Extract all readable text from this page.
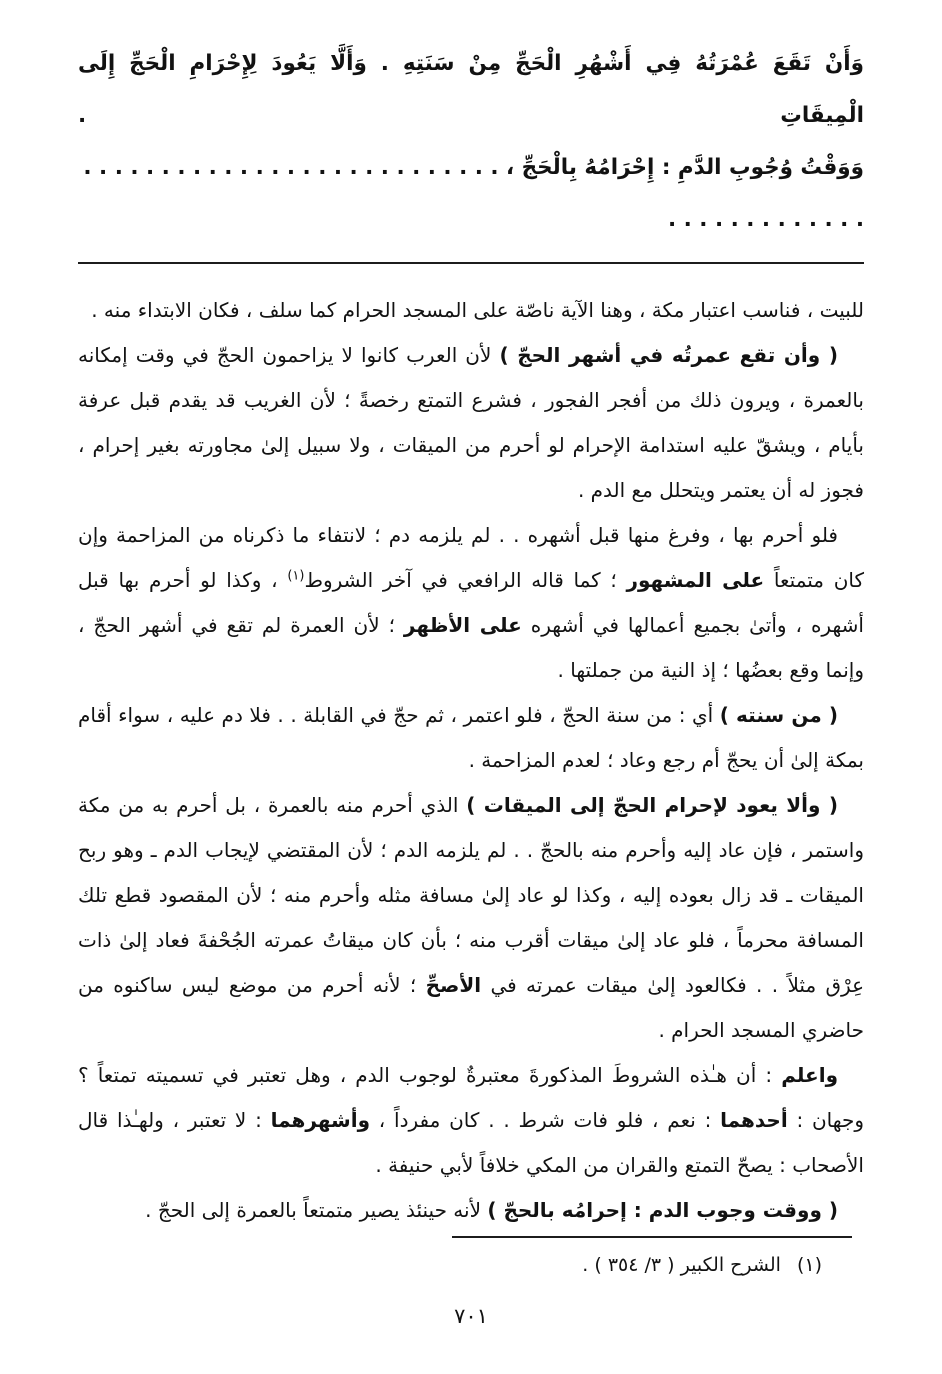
وَأَنْ تَقَعَ عُمْرَتُهُ فِي أَشْهُرِ الْحَجِّ مِنْ سَنَتِهِ . وَأَلَّا يَعُودَ لِإِحْرَامِ الْحَجِّ إِلَى الْمِيقَاتِ .

وَوَقْتُ وُجُوبِ الدَّمِ : إِحْرَامُهُ بِالْحَجِّ ، . . . . . . . . . . . . . . . . . . . . . . . . . . . . . . . . . . . . . . . .

للبيت ، فناسب اعتبار مكة ، وهنا الآية ناصّة على المسجد الحرام كما سلف ، فكان الابتداء منه .

( وأن تقع عمرتُه في أشهر الحجّ ) لأن العرب كانوا لا يزاحمون الحجّ في وقت إمكانه بالعمرة ، ويرون ذلك من أفجر الفجور ، فشرع التمتع رخصةً ؛ لأن الغريب قد يقدم قبل عرفة بأيام ، ويشقّ عليه استدامة الإحرام لو أحرم من الميقات ، ولا سبيل إلىٰ مجاورته بغير إحرام ، فجوز له أن يعتمر ويتحلل مع الدم .

فلو أحرم بها ، وفرغ منها قبل أشهره . . لم يلزمه دم ؛ لانتفاء ما ذكرناه من المزاحمة وإن كان متمتعاً على المشهور ؛ كما قاله الرافعي في آخر الشروط$^{(١)}$ ، وكذا لو أحرم بها قبل أشهره ، وأتىٰ بجميع أعمالها في أشهره على الأظهر ؛ لأن العمرة لم تقع في أشهر الحجّ ، وإنما وقع بعضُها ؛ إذ النية من جملتها .

( من سنته ) أي : من سنة الحجّ ، فلو اعتمر ، ثم حجّ في القابلة . . فلا دم عليه ، سواء أقام بمكة إلىٰ أن يحجّ أم رجع وعاد ؛ لعدم المزاحمة .

( وألا يعود لإحرام الحجّ إلى الميقات ) الذي أحرم منه بالعمرة ، بل أحرم به من مكة واستمر ، فإن عاد إليه وأحرم منه بالحجّ . . لم يلزمه الدم ؛ لأن المقتضي لإيجاب الدم ـ وهو ربح الميقات ـ قد زال بعوده إليه ، وكذا لو عاد إلىٰ مسافة مثله وأحرم منه ؛ لأن المقصود قطع تلك المسافة محرماً ، فلو عاد إلىٰ ميقات أقرب منه ؛ بأن كان ميقاتُ عمرته الجُحْفةَ فعاد إلىٰ ذات عِرْق مثلاً . . فكالعود إلىٰ ميقات عمرته في الأصحِّ ؛ لأنه أحرم من موضع ليس ساكنوه من حاضري المسجد الحرام .

واعلم : أن هـٰذه الشروطَ المذكورةَ معتبرةٌ لوجوب الدم ، وهل تعتبر في تسميته تمتعاً ؟ وجهان : أحدهما : نعم ، فلو فات شرط . . كان مفرداً ، وأشهرهما : لا تعتبر ، ولهـٰذا قال الأصحاب : يصحّ التمتع والقران من المكي خلافاً لأبي حنيفة .

( ووقت وجوب الدم : إحرامُه بالحجّ ) لأنه حينئذ يصير متمتعاً بالعمرة إلى الحجّ .

(١)الشرح الكبير ( ٣/ ٣٥٤ ) .

٧٠١
